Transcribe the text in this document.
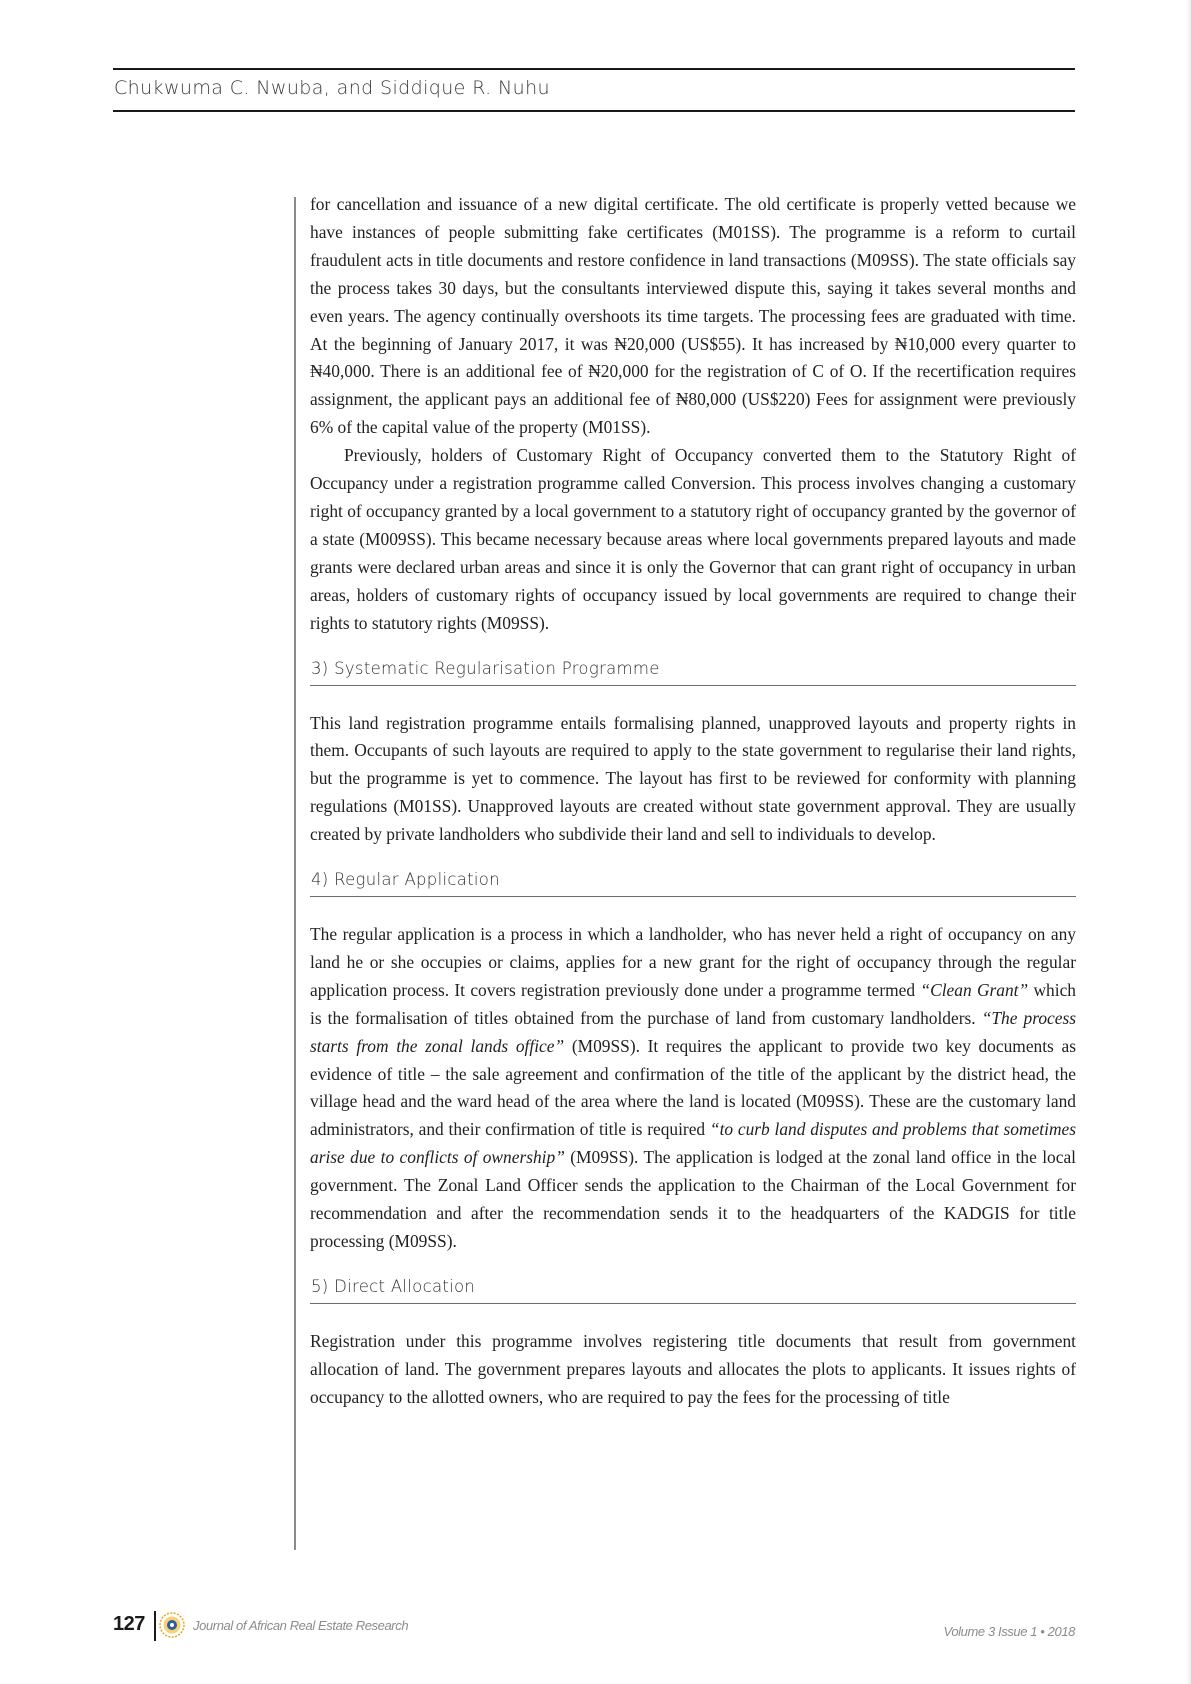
Chukwuma C. Nwuba, and Siddique R. Nuhu

for cancellation and issuance of a new digital certificate. The old certificate is properly vetted because we have instances of people submitting fake certificates (M01SS). The programme is a reform to curtail fraudulent acts in title documents and restore confidence in land transactions (M09SS). The state officials say the process takes 30 days, but the consultants interviewed dispute this, saying it takes several months and even years. The agency continually overshoots its time targets. The processing fees are graduated with time. At the beginning of January 2017, it was ₦20,000 (US$55). It has increased by ₦10,000 every quarter to ₦40,000. There is an additional fee of ₦20,000 for the registration of C of O. If the recertification requires assignment, the applicant pays an additional fee of ₦80,000 (US$220) Fees for assignment were previously 6% of the capital value of the property (M01SS).

Previously, holders of Customary Right of Occupancy converted them to the Statutory Right of Occupancy under a registration programme called Conversion. This process involves changing a customary right of occupancy granted by a local government to a statutory right of occupancy granted by the governor of a state (M009SS). This became necessary because areas where local governments prepared layouts and made grants were declared urban areas and since it is only the Governor that can grant right of occupancy in urban areas, holders of customary rights of occupancy issued by local governments are required to change their rights to statutory rights (M09SS).

3) Systematic Regularisation Programme

This land registration programme entails formalising planned, unapproved layouts and property rights in them. Occupants of such layouts are required to apply to the state government to regularise their land rights, but the programme is yet to commence. The layout has first to be reviewed for conformity with planning regulations (M01SS). Unapproved layouts are created without state government approval. They are usually created by private landholders who subdivide their land and sell to individuals to develop.

4) Regular Application

The regular application is a process in which a landholder, who has never held a right of occupancy on any land he or she occupies or claims, applies for a new grant for the right of occupancy through the regular application process. It covers registration previously done under a programme termed “Clean Grant” which is the formalisation of titles obtained from the purchase of land from customary landholders. “The process starts from the zonal lands office” (M09SS). It requires the applicant to provide two key documents as evidence of title – the sale agreement and confirmation of the title of the applicant by the district head, the village head and the ward head of the area where the land is located (M09SS). These are the customary land administrators, and their confirmation of title is required “to curb land disputes and problems that sometimes arise due to conflicts of ownership” (M09SS). The application is lodged at the zonal land office in the local government. The Zonal Land Officer sends the application to the Chairman of the Local Government for recommendation and after the recommendation sends it to the headquarters of the KADGIS for title processing (M09SS).

5) Direct Allocation

Registration under this programme involves registering title documents that result from government allocation of land. The government prepares layouts and allocates the plots to applicants. It issues rights of occupancy to the allotted owners, who are required to pay the fees for the processing of title

127	Journal of African Real Estate Research	Volume 3 Issue 1 • 2018
